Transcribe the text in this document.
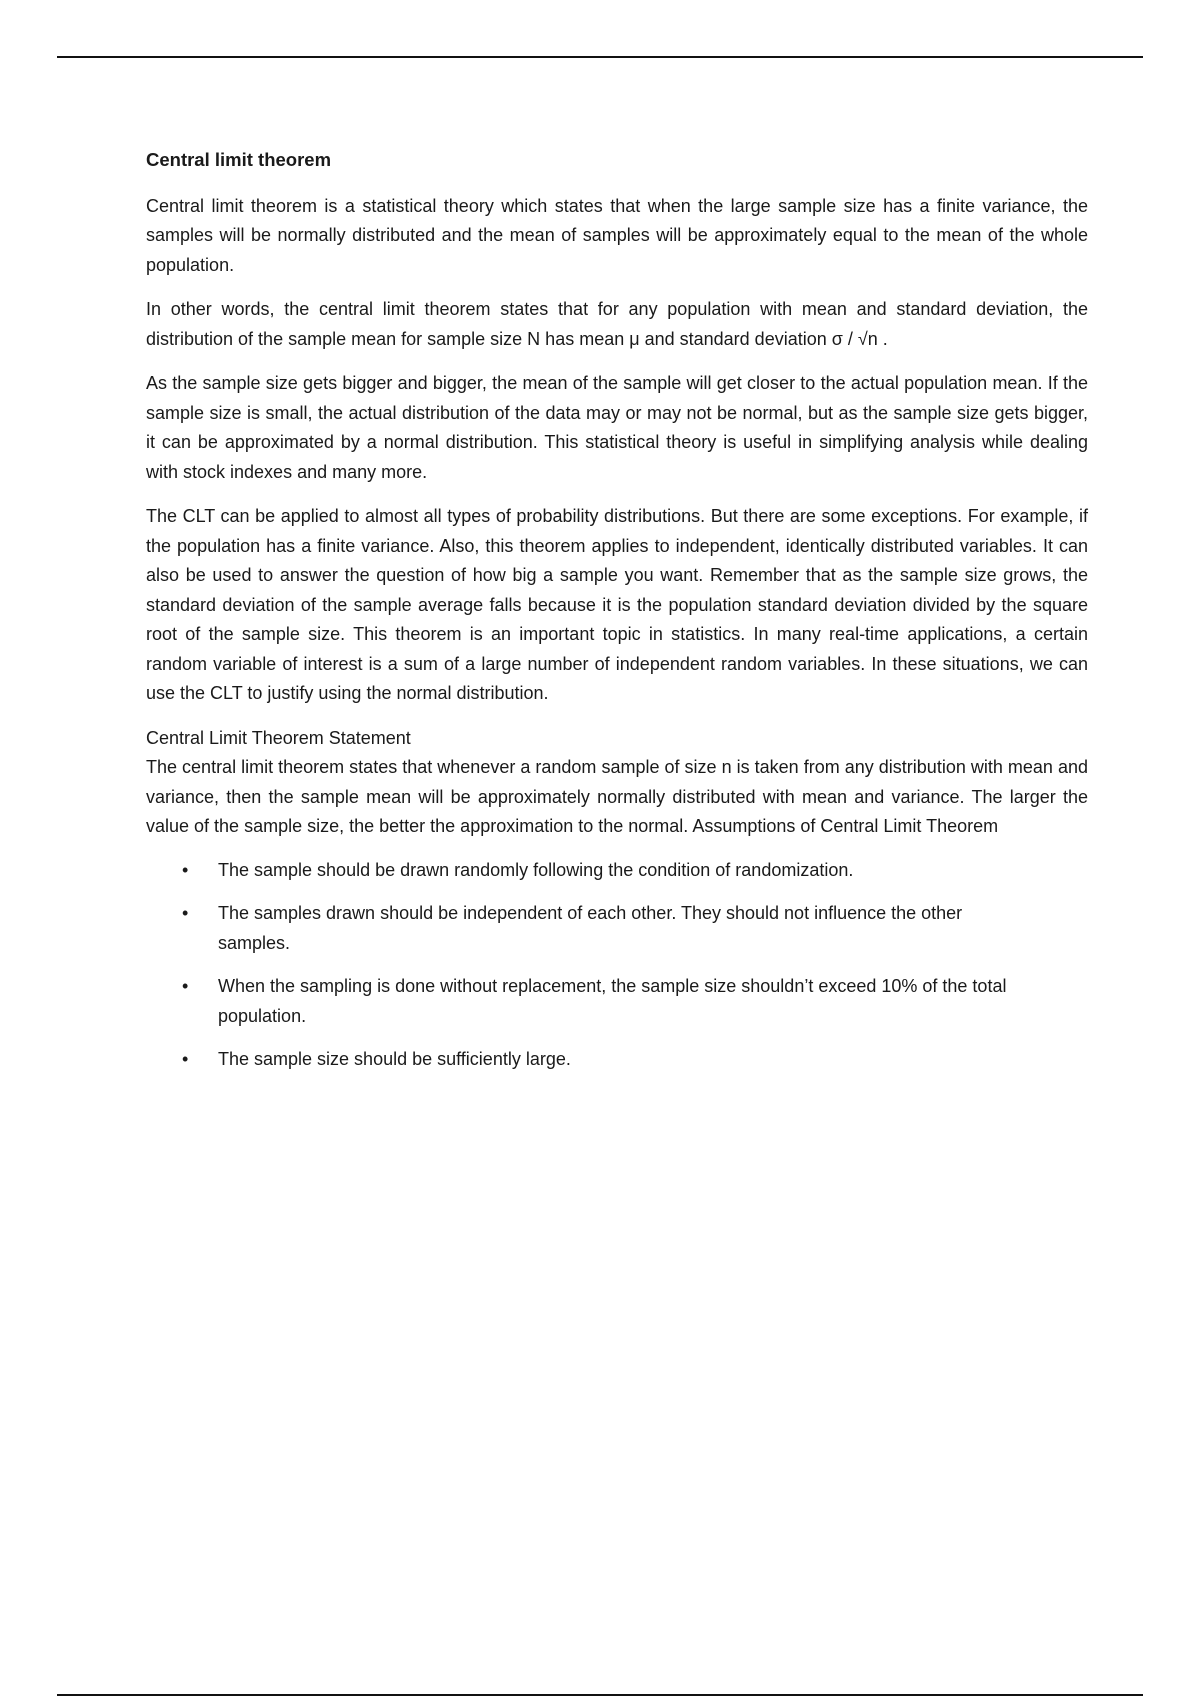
Central limit theorem

Central limit theorem is a statistical theory which states that when the large sample size has a finite variance, the samples will be normally distributed and the mean of samples will be approximately equal to the mean of the whole population.

In other words, the central limit theorem states that for any population with mean and standard deviation, the distribution of the sample mean for sample size N has mean μ and standard deviation σ / √n .

As the sample size gets bigger and bigger, the mean of the sample will get closer to the actual population mean. If the sample size is small, the actual distribution of the data may or may not be normal, but as the sample size gets bigger, it can be approximated by a normal distribution. This statistical theory is useful in simplifying analysis while dealing with stock indexes and many more.

The CLT can be applied to almost all types of probability distributions. But there are some exceptions. For example, if the population has a finite variance. Also, this theorem applies to independent, identically distributed variables. It can also be used to answer the question of how big a sample you want. Remember that as the sample size grows, the standard deviation of the sample average falls because it is the population standard deviation divided by the square root of the sample size. This theorem is an important topic in statistics. In many real-time applications, a certain random variable of interest is a sum of a large number of independent random variables. In these situations, we can use the CLT to justify using the normal distribution.

Central Limit Theorem Statement
The central limit theorem states that whenever a random sample of size n is taken from any distribution with mean and variance, then the sample mean will be approximately normally distributed with mean and variance. The larger the value of the sample size, the better the approximation to the normal. Assumptions of Central Limit Theorem
• The sample should be drawn randomly following the condition of randomization.
• The samples drawn should be independent of each other. They should not influence the other samples.
• When the sampling is done without replacement, the sample size shouldn’t exceed 10% of the total population.
• The sample size should be sufficiently large.
